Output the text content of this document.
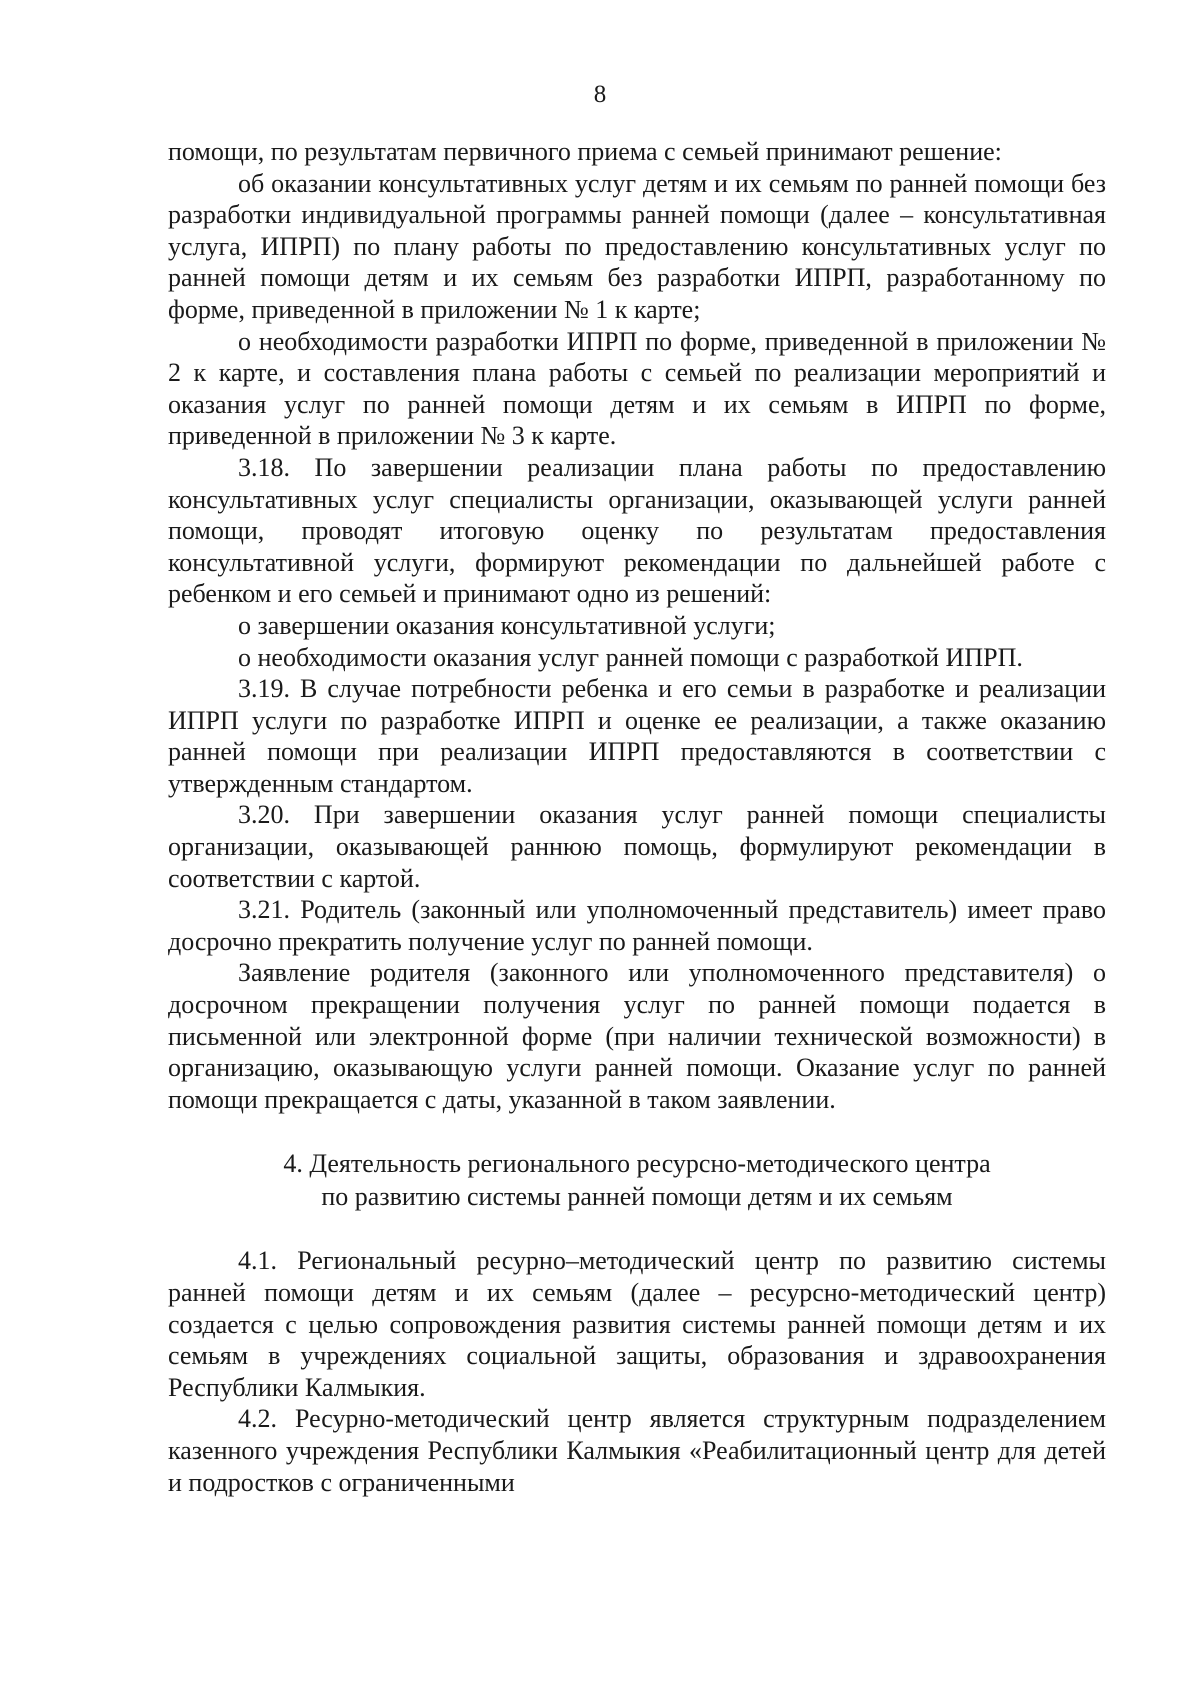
8

помощи, по результатам первичного приема с семьей принимают решение:

об оказании консультативных услуг детям и их семьям по ранней помощи без разработки индивидуальной программы ранней помощи (далее – консультативная услуга, ИПРП) по плану работы по предоставлению консультативных услуг по ранней помощи детям и их семьям без разработки ИПРП, разработанному по форме, приведенной в приложении № 1 к карте;

о необходимости разработки ИПРП по форме, приведенной в приложении № 2 к карте, и составления плана работы с семьей по реализации мероприятий и оказания услуг по ранней помощи детям и их семьям в ИПРП по форме, приведенной в приложении № 3 к карте.

3.18. По завершении реализации плана работы по предоставлению консультативных услуг специалисты организации, оказывающей услуги ранней помощи, проводят итоговую оценку по результатам предоставления консультативной услуги, формируют рекомендации по дальнейшей работе с ребенком и его семьей и принимают одно из решений:

о завершении оказания консультативной услуги;

о необходимости оказания услуг ранней помощи с разработкой ИПРП.

3.19. В случае потребности ребенка и его семьи в разработке и реализации ИПРП услуги по разработке ИПРП и оценке ее реализации, а также оказанию ранней помощи при реализации ИПРП предоставляются в соответствии с утвержденным стандартом.

3.20. При завершении оказания услуг ранней помощи специалисты организации, оказывающей раннюю помощь, формулируют рекомендации в соответствии с картой.

3.21. Родитель (законный или уполномоченный представитель) имеет право досрочно прекратить получение услуг по ранней помощи.

Заявление родителя (законного или уполномоченного представителя) о досрочном прекращении получения услуг по ранней помощи подается в письменной или электронной форме (при наличии технической возможности) в организацию, оказывающую услуги ранней помощи. Оказание услуг по ранней помощи прекращается с даты, указанной в таком заявлении.

4. Деятельность регионального ресурсно-методического центра
по развитию системы ранней помощи детям и их семьям

4.1. Региональный ресурно–методический центр по развитию системы ранней помощи детям и их семьям (далее – ресурсно-методический центр) создается с целью сопровождения развития системы ранней помощи детям и их семьям в учреждениях социальной защиты, образования и здравоохранения Республики Калмыкия.

4.2. Ресурно-методический центр является структурным подразделением казенного учреждения Республики Калмыкия «Реабилитационный центр для детей и подростков с ограниченными
